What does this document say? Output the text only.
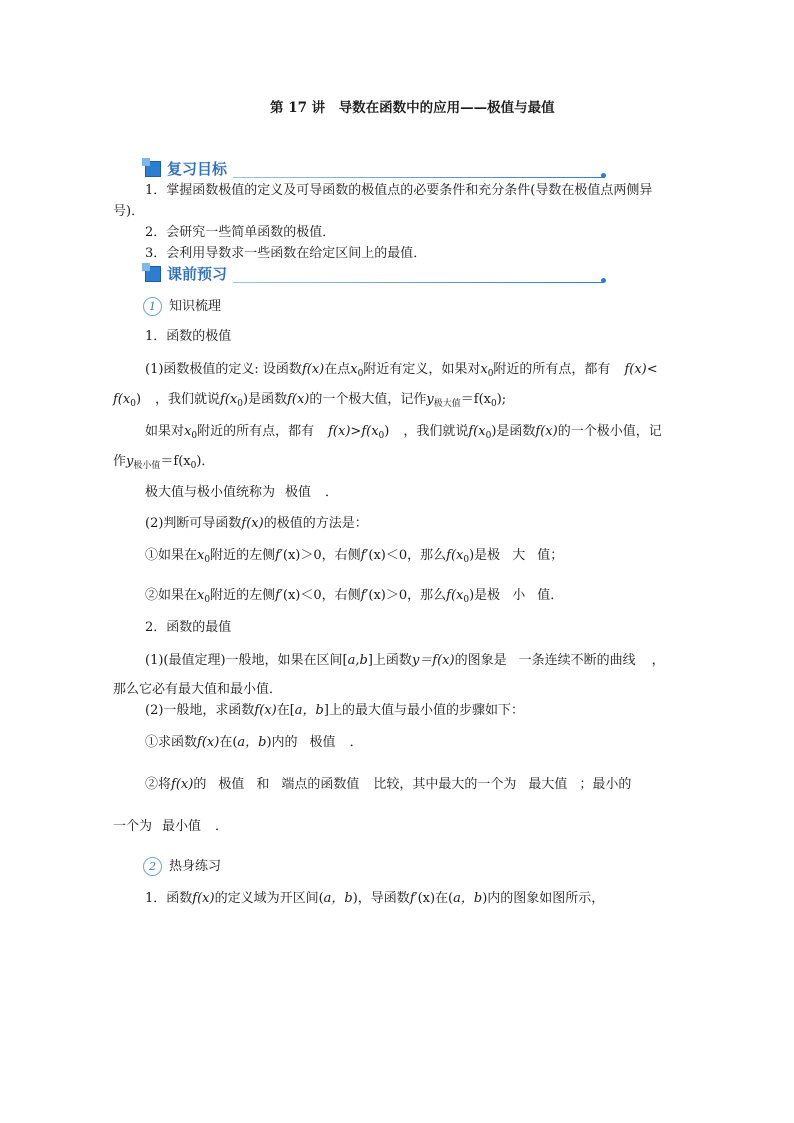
第 17 讲　导数在函数中的应用——极值与最值
复习目标
1．掌握函数极值的定义及可导函数的极值点的必要条件和充分条件(导数在极值点两侧异
号)．
2．会研究一些简单函数的极值．
3．会利用导数求一些函数在给定区间上的最值．
课前预习
1	知识梳理
1．函数的极值
(1)函数极值的定义: 设函数f(x)在点$x_0$附近有定义，如果对$x_0$附近的所有点，都有 f(x)<
$f(x_0)$ ，我们就说$f(x_0)$是函数f(x)的一个极大值，记作$y_{极大值}=f(x_0)$;
如果对$x_0$附近的所有点，都有 $f(x)>f(x_0)$ ，我们就说$f(x_0)$是函数f(x)的一个极小值，记
作$y_{极小值}=f(x_0)$．
极大值与极小值统称为 极值 ．
(2)判断可导函数f(x)的极值的方法是：
①如果在$x_0$附近的左侧f′(x)＞0，右侧f′(x)＜0，那么$f(x_0)$是极 大 值；
②如果在$x_0$附近的左侧f′(x)＜0，右侧f′(x)＞0，那么$f(x_0)$是极 小 值．
2．函数的最值
(1)(最值定理)一般地，如果在区间[a,b]上函数y＝f(x)的图象是 一条连续不断的曲线 ，
那么它必有最大值和最小值．
(2)一般地，求函数f(x)在[a，b]上的最大值与最小值的步骤如下：
①求函数f(x)在(a，b)内的 极值 ．
②将f(x)的 极值 和 端点的函数值 比较，其中最大的一个为 最大值 ；最小的
一个为 最小值 ．
2	热身练习
1．函数f(x)的定义域为开区间(a，b)，导函数f′(x)在(a，b)内的图象如图所示，
